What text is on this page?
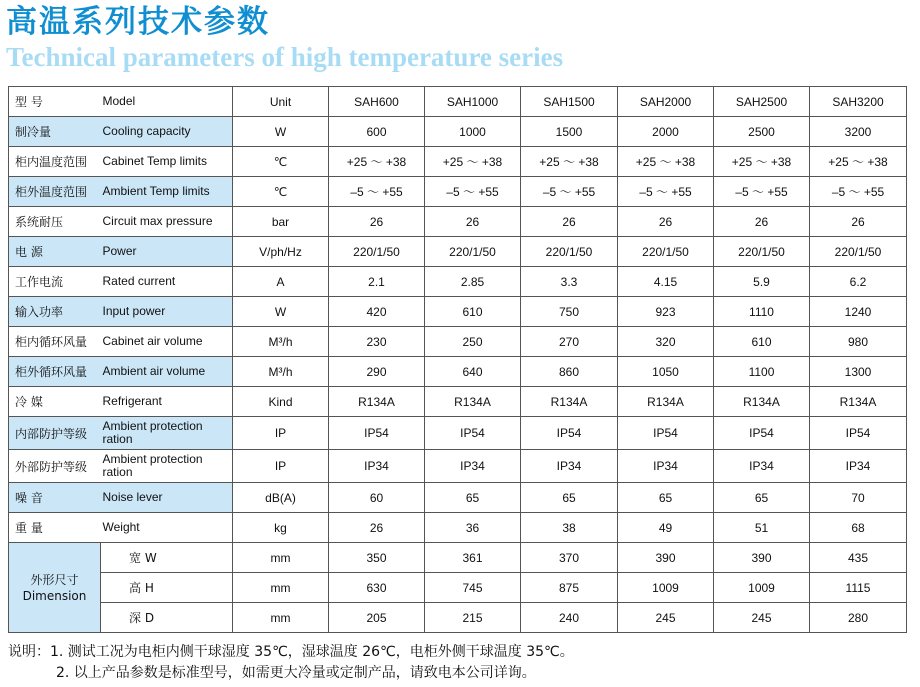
高温系列技术参数
Technical parameters of high temperature series
型 号	Model	Unit	SAH600	SAH1000	SAH1500	SAH2000	SAH2500	SAH3200
制冷量	Cooling capacity	W	600	1000	1500	2000	2500	3200
柜内温度范围	Cabinet Temp limits	℃	+25 ～ +38	+25 ～ +38	+25 ～ +38	+25 ～ +38	+25 ～ +38	+25 ～ +38
柜外温度范围	Ambient Temp limits	℃	–5 ～ +55	–5 ～ +55	–5 ～ +55	–5 ～ +55	–5 ～ +55	–5 ～ +55
系统耐压	Circuit max pressure	bar	26	26	26	26	26	26
电 源	Power	V/ph/Hz	220/1/50	220/1/50	220/1/50	220/1/50	220/1/50	220/1/50
工作电流	Rated current	A	2.1	2.85	3.3	4.15	5.9	6.2
输入功率	Input power	W	420	610	750	923	1110	1240
柜内循环风量	Cabinet air volume	M³/h	230	250	270	320	610	980
柜外循环风量	Ambient air volume	M³/h	290	640	860	1050	1100	1300
冷 媒	Refrigerant	Kind	R134A	R134A	R134A	R134A	R134A	R134A
内部防护等级	Ambient protection ration	IP	IP54	IP54	IP54	IP54	IP54	IP54
外部防护等级	Ambient protection ration	IP	IP34	IP34	IP34	IP34	IP34	IP34
噪 音	Noise lever	dB(A)	60	65	65	65	65	70
重 量	Weight	kg	26	36	38	49	51	68

外形尺寸
Dimension	宽 W	mm	350	361	370	390	390	435
	高 H	mm	630	745	875	1009	1009	1115
	深 D	mm	205	215	240	245	245	280
说明：1. 测试工况为电柜内侧干球湿度 35℃，湿球温度 26℃，电柜外侧干球温度 35℃。
2. 以上产品参数是标准型号，如需更大冷量或定制产品，请致电本公司详询。
